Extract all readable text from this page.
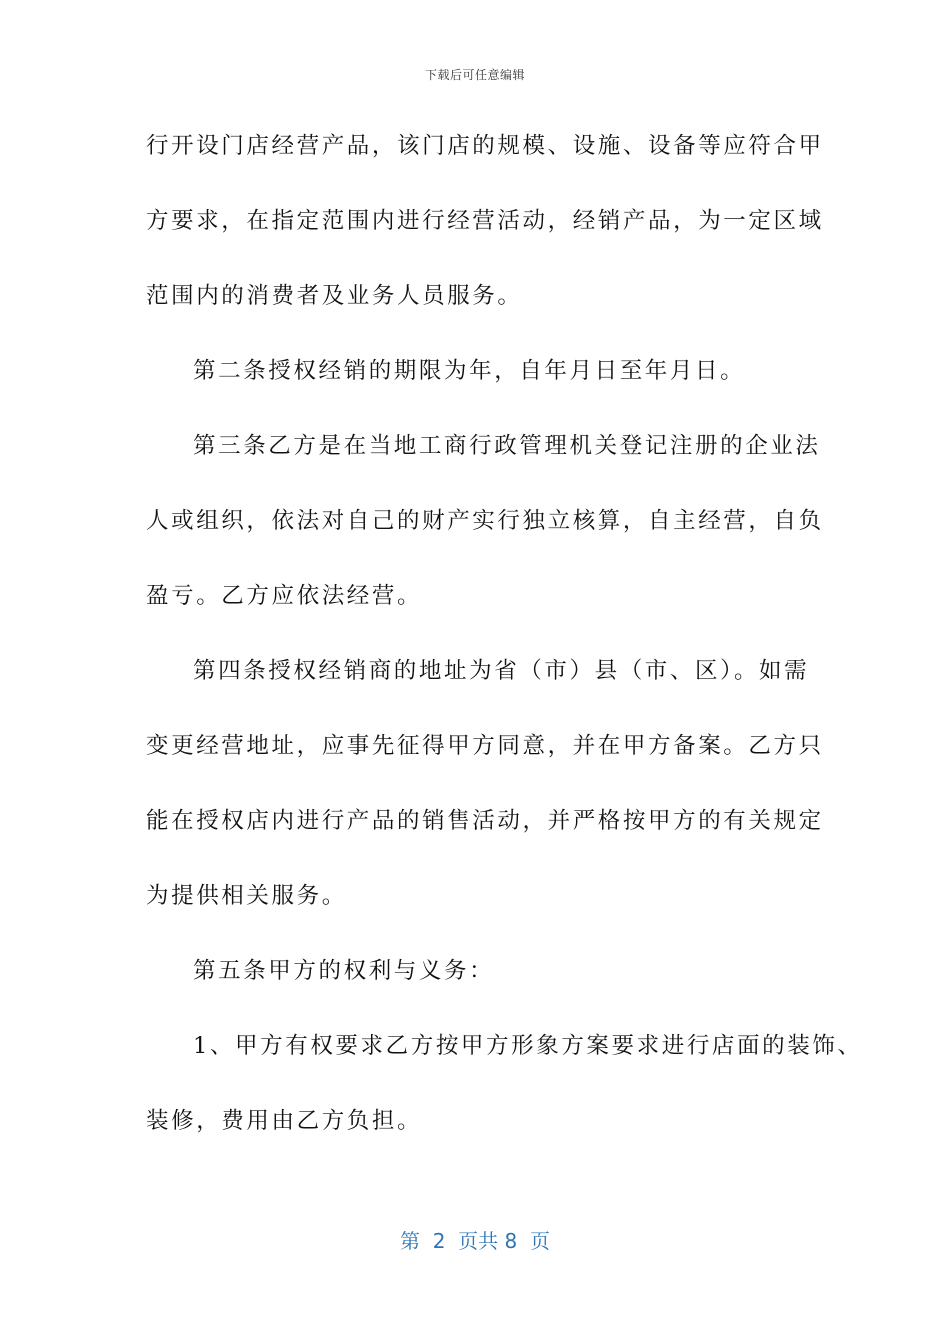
下载后可任意编辑
行开设门店经营产品，该门店的规模、设施、设备等应符合甲
方要求，在指定范围内进行经营活动，经销产品，为一定区域
范围内的消费者及业务人员服务。
第二条授权经销的期限为年，自年月日至年月日。
第三条乙方是在当地工商行政管理机关登记注册的企业法
人或组织，依法对自己的财产实行独立核算，自主经营，自负
盈亏。乙方应依法经营。
第四条授权经销商的地址为省（市）县（市、区）。如需
变更经营地址，应事先征得甲方同意，并在甲方备案。乙方只
能在授权店内进行产品的销售活动，并严格按甲方的有关规定
为提供相关服务。
第五条甲方的权利与义务：
1、甲方有权要求乙方按甲方形象方案要求进行店面的装饰、
装修，费用由乙方负担。
第  2  页共 8  页
